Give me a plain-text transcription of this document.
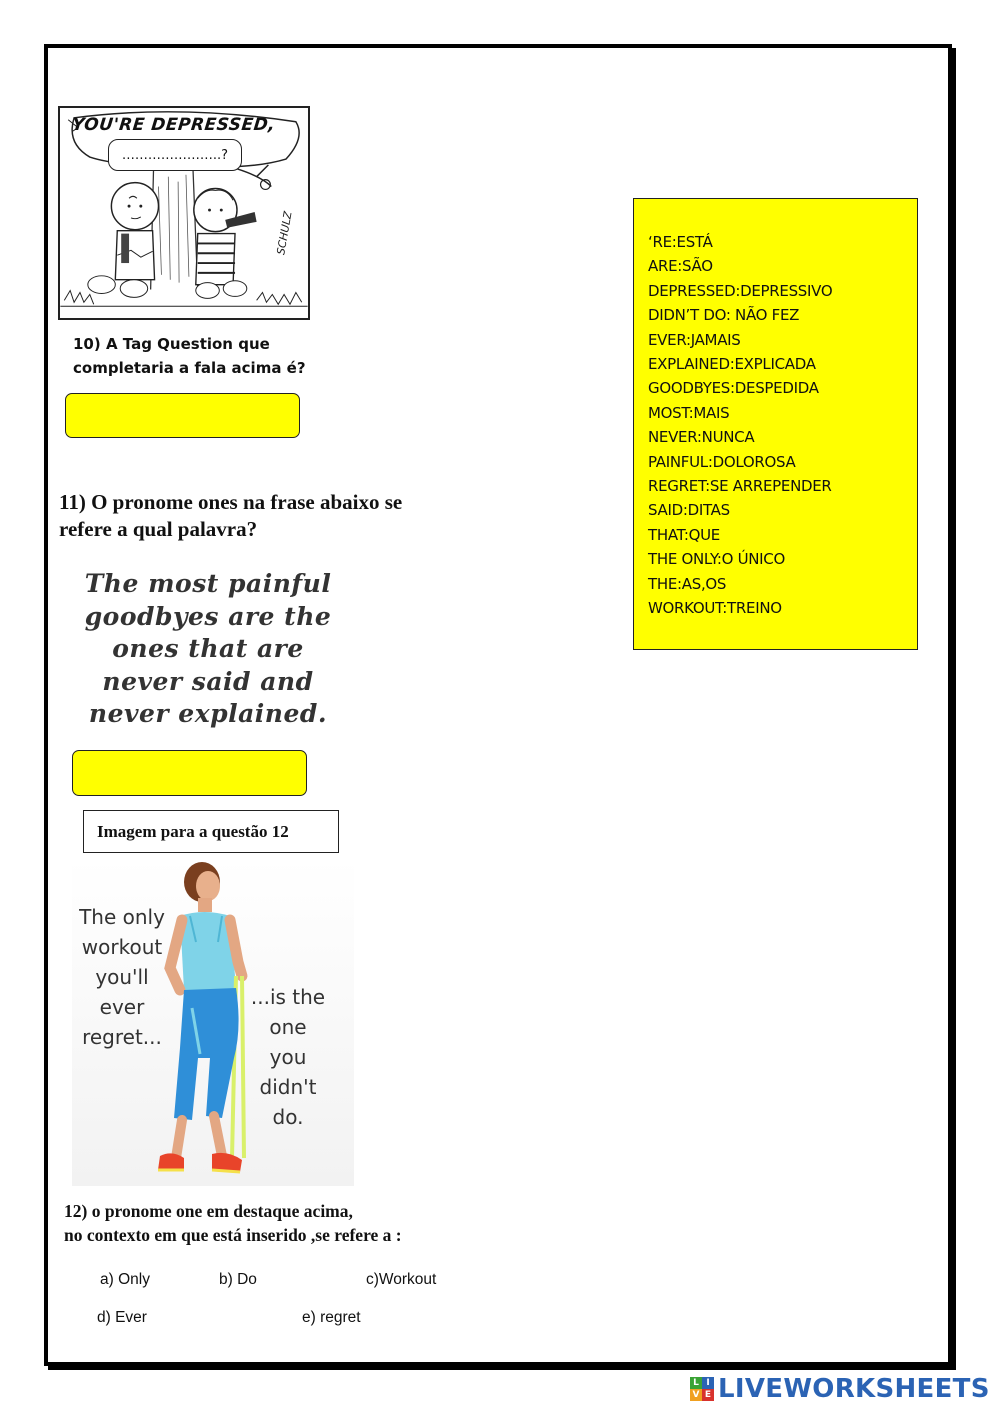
SCHULZ
YOU'RE DEPRESSED,
…………………..?
10) A Tag Question que completaria a fala acima é?
11) O pronome ones na frase abaixo se refere a qual palavra?
The most painful
goodbyes are the
ones that are
never said and
never explained.
Imagem para a questão 12
The only
workout
you'll
ever
regret...
...is the
one
you
didn't
do.
12) o pronome one em destaque acima,
no contexto em que está inserido ,se refere a :
a) Only	b) Do	c)Workout
d) Ever	e) regret
‘RE:ESTÁ
ARE:SÃO
DEPRESSED:DEPRESSIVO
DIDN’T DO: NÃO FEZ
EVER:JAMAIS
EXPLAINED:EXPLICADA
GOODBYES:DESPEDIDA
MOST:MAIS
NEVER:NUNCA
PAINFUL:DOLOROSA
REGRET:SE ARREPENDER
SAID:DITAS
THAT:QUE
THE ONLY:O ÚNICO
THE:AS,OS
WORKOUT:TREINO
L I
V E LIVEWORKSHEETS
